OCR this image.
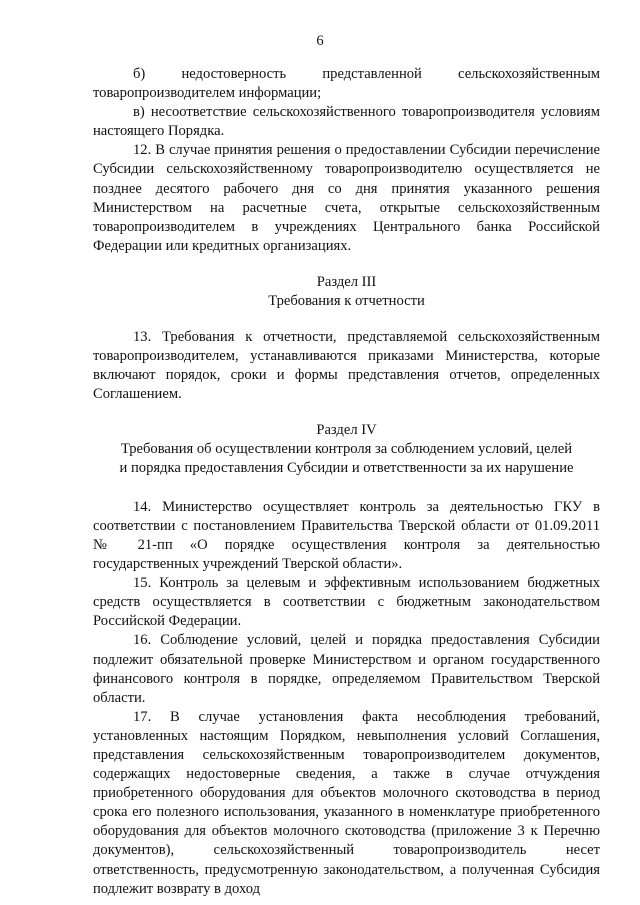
6

б) недостоверность представленной сельскохозяйственным товаропроизводителем информации;

в) несоответствие сельскохозяйственного товаропроизводителя условиям настоящего Порядка.

12. В случае принятия решения о предоставлении Субсидии перечисление Субсидии сельскохозяйственному товаропроизводителю осуществляется не позднее десятого рабочего дня со дня принятия указанного решения Министерством на расчетные счета, открытые сельскохозяйственным товаропроизводителем в учреждениях Центрального банка Российской Федерации или кредитных организациях.

Раздел III

Требования к отчетности

13. Требования к отчетности, представляемой сельскохозяйственным товаропроизводителем, устанавливаются приказами Министерства, которые включают порядок, сроки и формы представления отчетов, определенных Соглашением.

Раздел IV

Требования об осуществлении контроля за соблюдением условий, целей

и порядка предоставления Субсидии и ответственности за их нарушение

14. Министерство осуществляет контроль за деятельностью ГКУ в соответствии с постановлением Правительства Тверской области от 01.09.2011 № 21-пп «О порядке осуществления контроля за деятельностью государственных учреждений Тверской области».

15. Контроль за целевым и эффективным использованием бюджетных средств осуществляется в соответствии с бюджетным законодательством Российской Федерации.

16. Соблюдение условий, целей и порядка предоставления Субсидии подлежит обязательной проверке Министерством и органом государственного финансового контроля в порядке, определяемом Правительством Тверской области.

17. В случае установления факта несоблюдения требований, установленных настоящим Порядком, невыполнения условий Соглашения, представления сельскохозяйственным товаропроизводителем документов, содержащих недостоверные сведения, а также в случае отчуждения приобретенного оборудования для объектов молочного скотоводства в период срока его полезного использования, указанного в номенклатуре приобретенного оборудования для объектов молочного скотоводства (приложение 3 к Перечню документов), сельскохозяйственный товаропроизводитель несет ответственность, предусмотренную законодательством, а полученная Субсидия подлежит возврату в доход
